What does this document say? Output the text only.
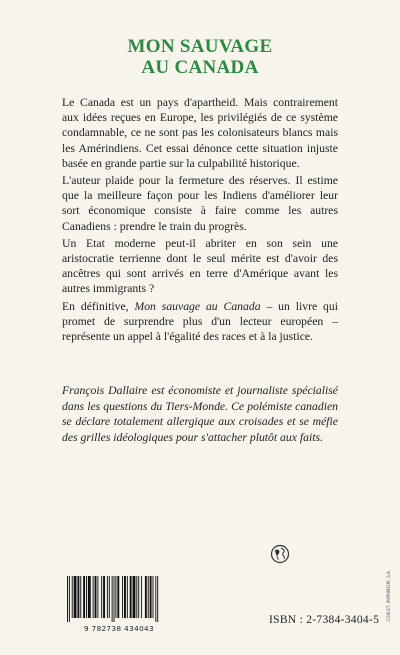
MON SAUVAGE
AU CANADA

Le Canada est un pays d'apartheid. Mais contrairement aux idées reçues en Europe, les privilégiés de ce système condamnable, ce ne sont pas les colonisateurs blancs mais les Amérindiens. Cet essai dénonce cette situation injuste basée en grande partie sur la culpabilité historique.

L'auteur plaide pour la fermeture des réserves. Il estime que la meilleure façon pour les Indiens d'améliorer leur sort économique consiste à faire comme les autres Canadiens : prendre le train du progrès.

Un Etat moderne peut-il abriter en son sein une aristocratie terrienne dont le seul mérite est d'avoir des ancêtres qui sont arrivés en terre d'Amérique avant les autres immigrants ?

En définitive, Mon sauvage au Canada – un livre qui promet de surprendre plus d'un lecteur européen – représente un appel à l'égalité des races et à la justice.

François Dallaire est économiste et journaliste spécialisé dans les questions du Tiers-Monde. Ce polémiste canadien se déclare totalement allergique aux croisades et se méfie des grilles idéologiques pour s'attacher plutôt aux faits.
9 782738 434043
ISBN : 2-7384-3404-5 CORLET, IMPRIMEUR, S.A.
